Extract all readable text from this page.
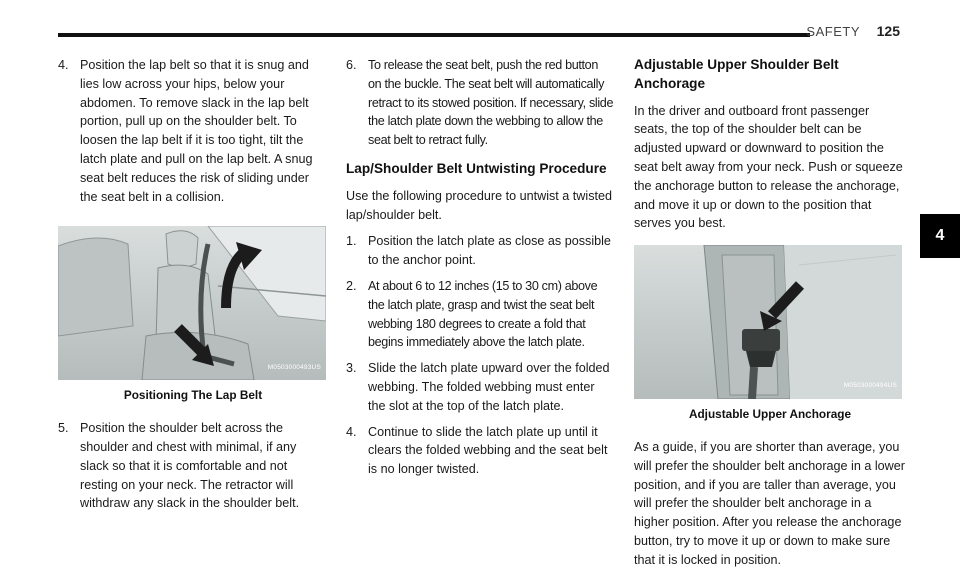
SAFETY 125
4
4. Position the lap belt so that it is snug and lies low across your hips, below your abdomen. To remove slack in the lap belt portion, pull up on the shoulder belt. To loosen the lap belt if it is too tight, tilt the latch plate and pull on the lap belt. A snug seat belt reduces the risk of sliding under the seat belt in a collision.
M0503000493US
Positioning The Lap Belt
5. Position the shoulder belt across the shoulder and chest with minimal, if any slack so that it is comfortable and not resting on your neck. The retractor will withdraw any slack in the shoulder belt.
6. To release the seat belt, push the red button on the buckle. The seat belt will automatically retract to its stowed position. If necessary, slide the latch plate down the webbing to allow the seat belt to retract fully.
Lap/Shoulder Belt Untwisting Procedure

Use the following procedure to untwist a twisted lap/shoulder belt.

1. Position the latch plate as close as possible to the anchor point.
2. At about 6 to 12 inches (15 to 30 cm) above the latch plate, grasp and twist the seat belt webbing 180 degrees to create a fold that begins immediately above the latch plate.
3. Slide the latch plate upward over the folded webbing. The folded webbing must enter the slot at the top of the latch plate.
4. Continue to slide the latch plate up until it clears the folded webbing and the seat belt is no longer twisted.
Adjustable Upper Shoulder Belt Anchorage

In the driver and outboard front passenger seats, the top of the shoulder belt can be adjusted upward or downward to position the seat belt away from your neck. Push or squeeze the anchorage button to release the anchorage, and move it up or down to the position that serves you best.

M0503000494US
Adjustable Upper Anchorage

As a guide, if you are shorter than average, you will prefer the shoulder belt anchorage in a lower position, and if you are taller than average, you will prefer the shoulder belt anchorage in a higher position. After you release the anchorage button, try to move it up or down to make sure that it is locked in position.
